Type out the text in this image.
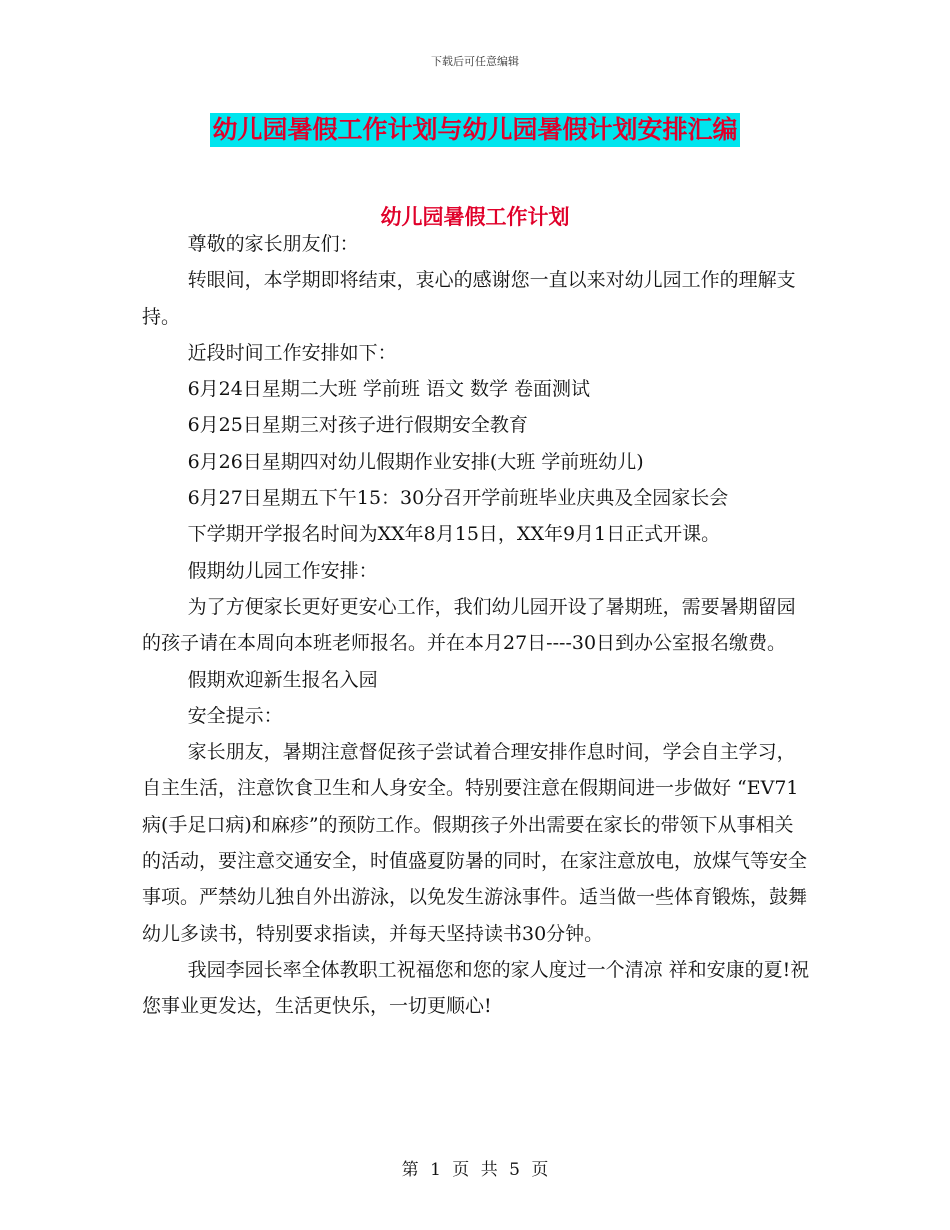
下载后可任意编辑
幼儿园暑假工作计划与幼儿园暑假计划安排汇编
幼儿园暑假工作计划

尊敬的家长朋友们：

转眼间，本学期即将结束，衷心的感谢您一直以来对幼儿园工作的理解支持。

近段时间工作安排如下：

6月24日星期二大班 学前班 语文 数学 卷面测试

6月25日星期三对孩子进行假期安全教育

6月26日星期四对幼儿假期作业安排(大班 学前班幼儿)

6月27日星期五下午15：30分召开学前班毕业庆典及全园家长会

下学期开学报名时间为XX年8月15日，XX年9月1日正式开课。

假期幼儿园工作安排：

为了方便家长更好更安心工作，我们幼儿园开设了暑期班，需要暑期留园的孩子请在本周向本班老师报名。并在本月27日----30日到办公室报名缴费。

假期欢迎新生报名入园

安全提示：

家长朋友，暑期注意督促孩子尝试着合理安排作息时间，学会自主学习，自主生活，注意饮食卫生和人身安全。特别要注意在假期间进一步做好 “EV71病(手足口病)和麻疹”的预防工作。假期孩子外出需要在家长的带领下从事相关的活动，要注意交通安全，时值盛夏防暑的同时，在家注意放电，放煤气等安全事项。严禁幼儿独自外出游泳，以免发生游泳事件。适当做一些体育锻炼，鼓舞幼儿多读书，特别要求指读，并每天坚持读书30分钟。

我园李园长率全体教职工祝福您和您的家人度过一个清凉 祥和安康的夏!祝您事业更发达，生活更快乐，一切更顺心!

第 1 页 共 5 页
